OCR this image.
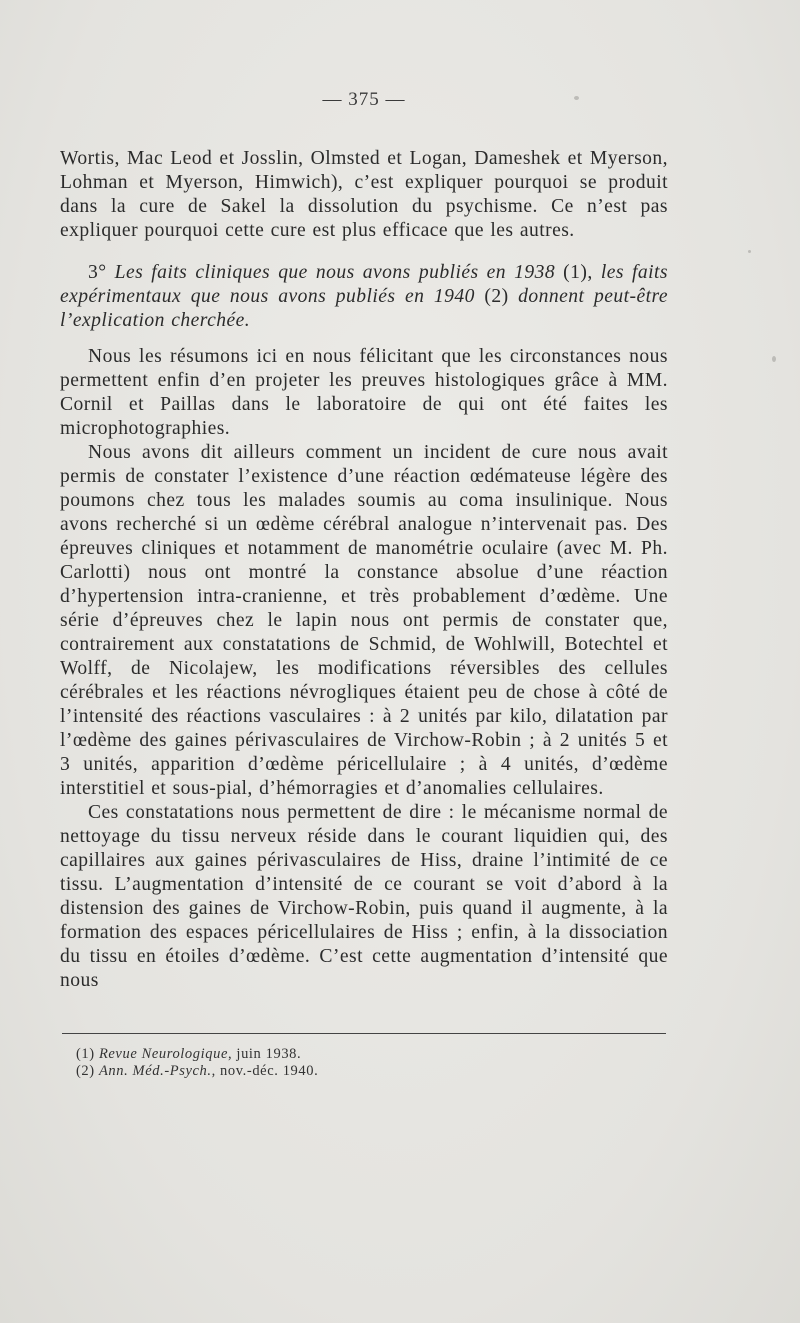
— 375 —

Wortis, Mac Leod et Josslin, Olmsted et Logan, Dameshek et Myerson, Lohman et Myerson, Himwich), c’est expliquer pourquoi se produit dans la cure de Sakel la dissolution du psychisme. Ce n’est pas expliquer pourquoi cette cure est plus efficace que les autres.

3° Les faits cliniques que nous avons publiés en 1938 (1), les faits expérimentaux que nous avons publiés en 1940 (2) donnent peut-être l’explication cherchée.

Nous les résumons ici en nous félicitant que les circonstances nous permettent enfin d’en projeter les preuves histologiques grâce à MM. Cornil et Paillas dans le laboratoire de qui ont été faites les microphotographies.

Nous avons dit ailleurs comment un incident de cure nous avait permis de constater l’existence d’une réaction œdémateuse légère des poumons chez tous les malades soumis au coma insulinique. Nous avons recherché si un œdème cérébral analogue n’intervenait pas. Des épreuves cliniques et notamment de manométrie oculaire (avec M. Ph. Carlotti) nous ont montré la constance absolue d’une réaction d’hypertension intra-cranienne, et très probablement d’œdème. Une série d’épreuves chez le lapin nous ont permis de constater que, contrairement aux constatations de Schmid, de Wohlwill, Botechtel et Wolff, de Nicolajew, les modifications réversibles des cellules cérébrales et les réactions névrogliques étaient peu de chose à côté de l’intensité des réactions vasculaires : à 2 unités par kilo, dilatation par l’œdème des gaines périvasculaires de Virchow-Robin ; à 2 unités 5 et 3 unités, apparition d’œdème péricellulaire ; à 4 unités, d’œdème interstitiel et sous-pial, d’hémorragies et d’anomalies cellulaires.

Ces constatations nous permettent de dire : le mécanisme normal de nettoyage du tissu nerveux réside dans le courant liquidien qui, des capillaires aux gaines périvasculaires de Hiss, draine l’intimité de ce tissu. L’augmentation d’intensité de ce courant se voit d’abord à la distension des gaines de Virchow-Robin, puis quand il augmente, à la formation des espaces péricellulaires de Hiss ; enfin, à la dissociation du tissu en étoiles d’œdème. C’est cette augmentation d’intensité que nous

(1) Revue Neurologique, juin 1938.
(2) Ann. Méd.-Psych., nov.-déc. 1940.
